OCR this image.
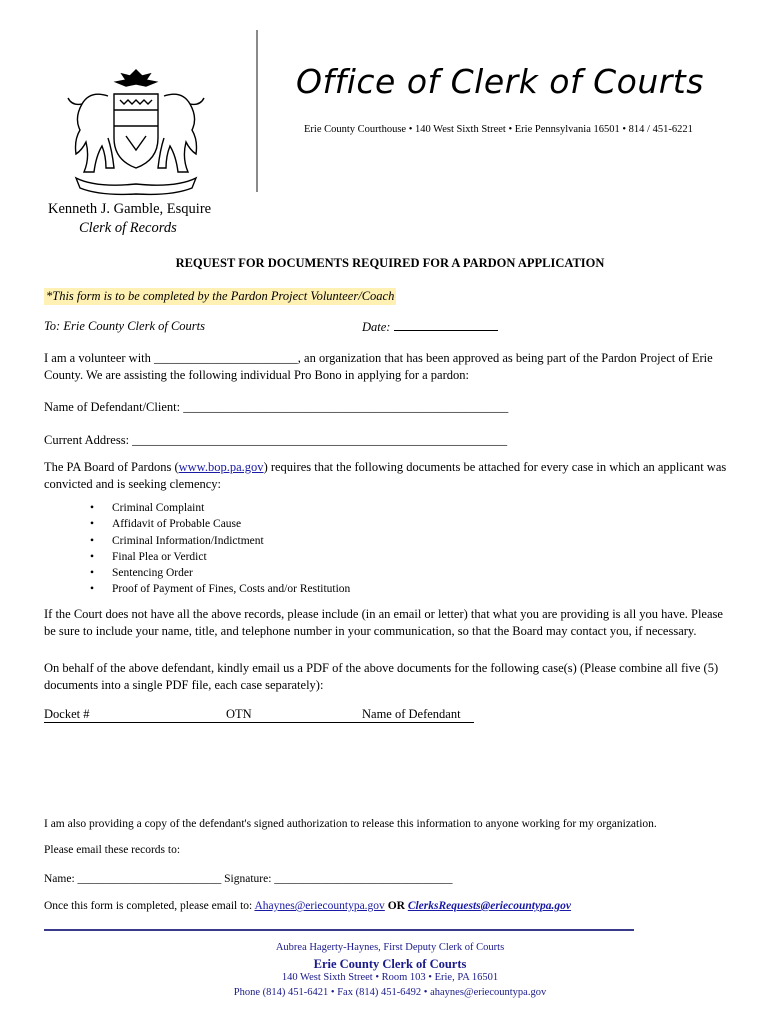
Office of Clerk of Courts
Erie County Courthouse • 140 West Sixth Street • Erie Pennsylvania 16501 • 814 / 451-6221
Kenneth J. Gamble, Esquire
Clerk of Records
REQUEST FOR DOCUMENTS REQUIRED FOR A PARDON APPLICATION
*This form is to be completed by the Pardon Project Volunteer/Coach
To: Erie County Clerk of Courts	Date:
I am a volunteer with _______________________, an organization that has been approved as being part of the Pardon Project of Erie County. We are assisting the following individual Pro Bono in applying for a pardon:
Name of Defendant/Client: ____________________________________________________
Current Address: ____________________________________________________________
The PA Board of Pardons (www.bop.pa.gov) requires that the following documents be attached for every case in which an applicant was convicted and is seeking clemency:
• Criminal Complaint
• Affidavit of Probable Cause
• Criminal Information/Indictment
• Final Plea or Verdict
• Sentencing Order
• Proof of Payment of Fines, Costs and/or Restitution
If the Court does not have all the above records, please include (in an email or letter) that what you are providing is all you have. Please be sure to include your name, title, and telephone number in your communication, so that the Board may contact you, if necessary.
On behalf of the above defendant, kindly email us a PDF of the above documents for the following case(s) (Please combine all five (5) documents into a single PDF file, each case separately):
Docket #	OTN	Name of Defendant
I am also providing a copy of the defendant's signed authorization to release this information to anyone working for my organization.
Please email these records to:
Name: _________________________ Signature: _______________________________
Once this form is completed, please email to: Ahaynes@eriecountypa.gov OR ClerksRequests@eriecountypa.gov
Aubrea Hagerty-Haynes, First Deputy Clerk of Courts
Erie County Clerk of Courts
140 West Sixth Street • Room 103 • Erie, PA 16501
Phone (814) 451-6421 • Fax (814) 451-6492 • ahaynes@eriecountypa.gov
